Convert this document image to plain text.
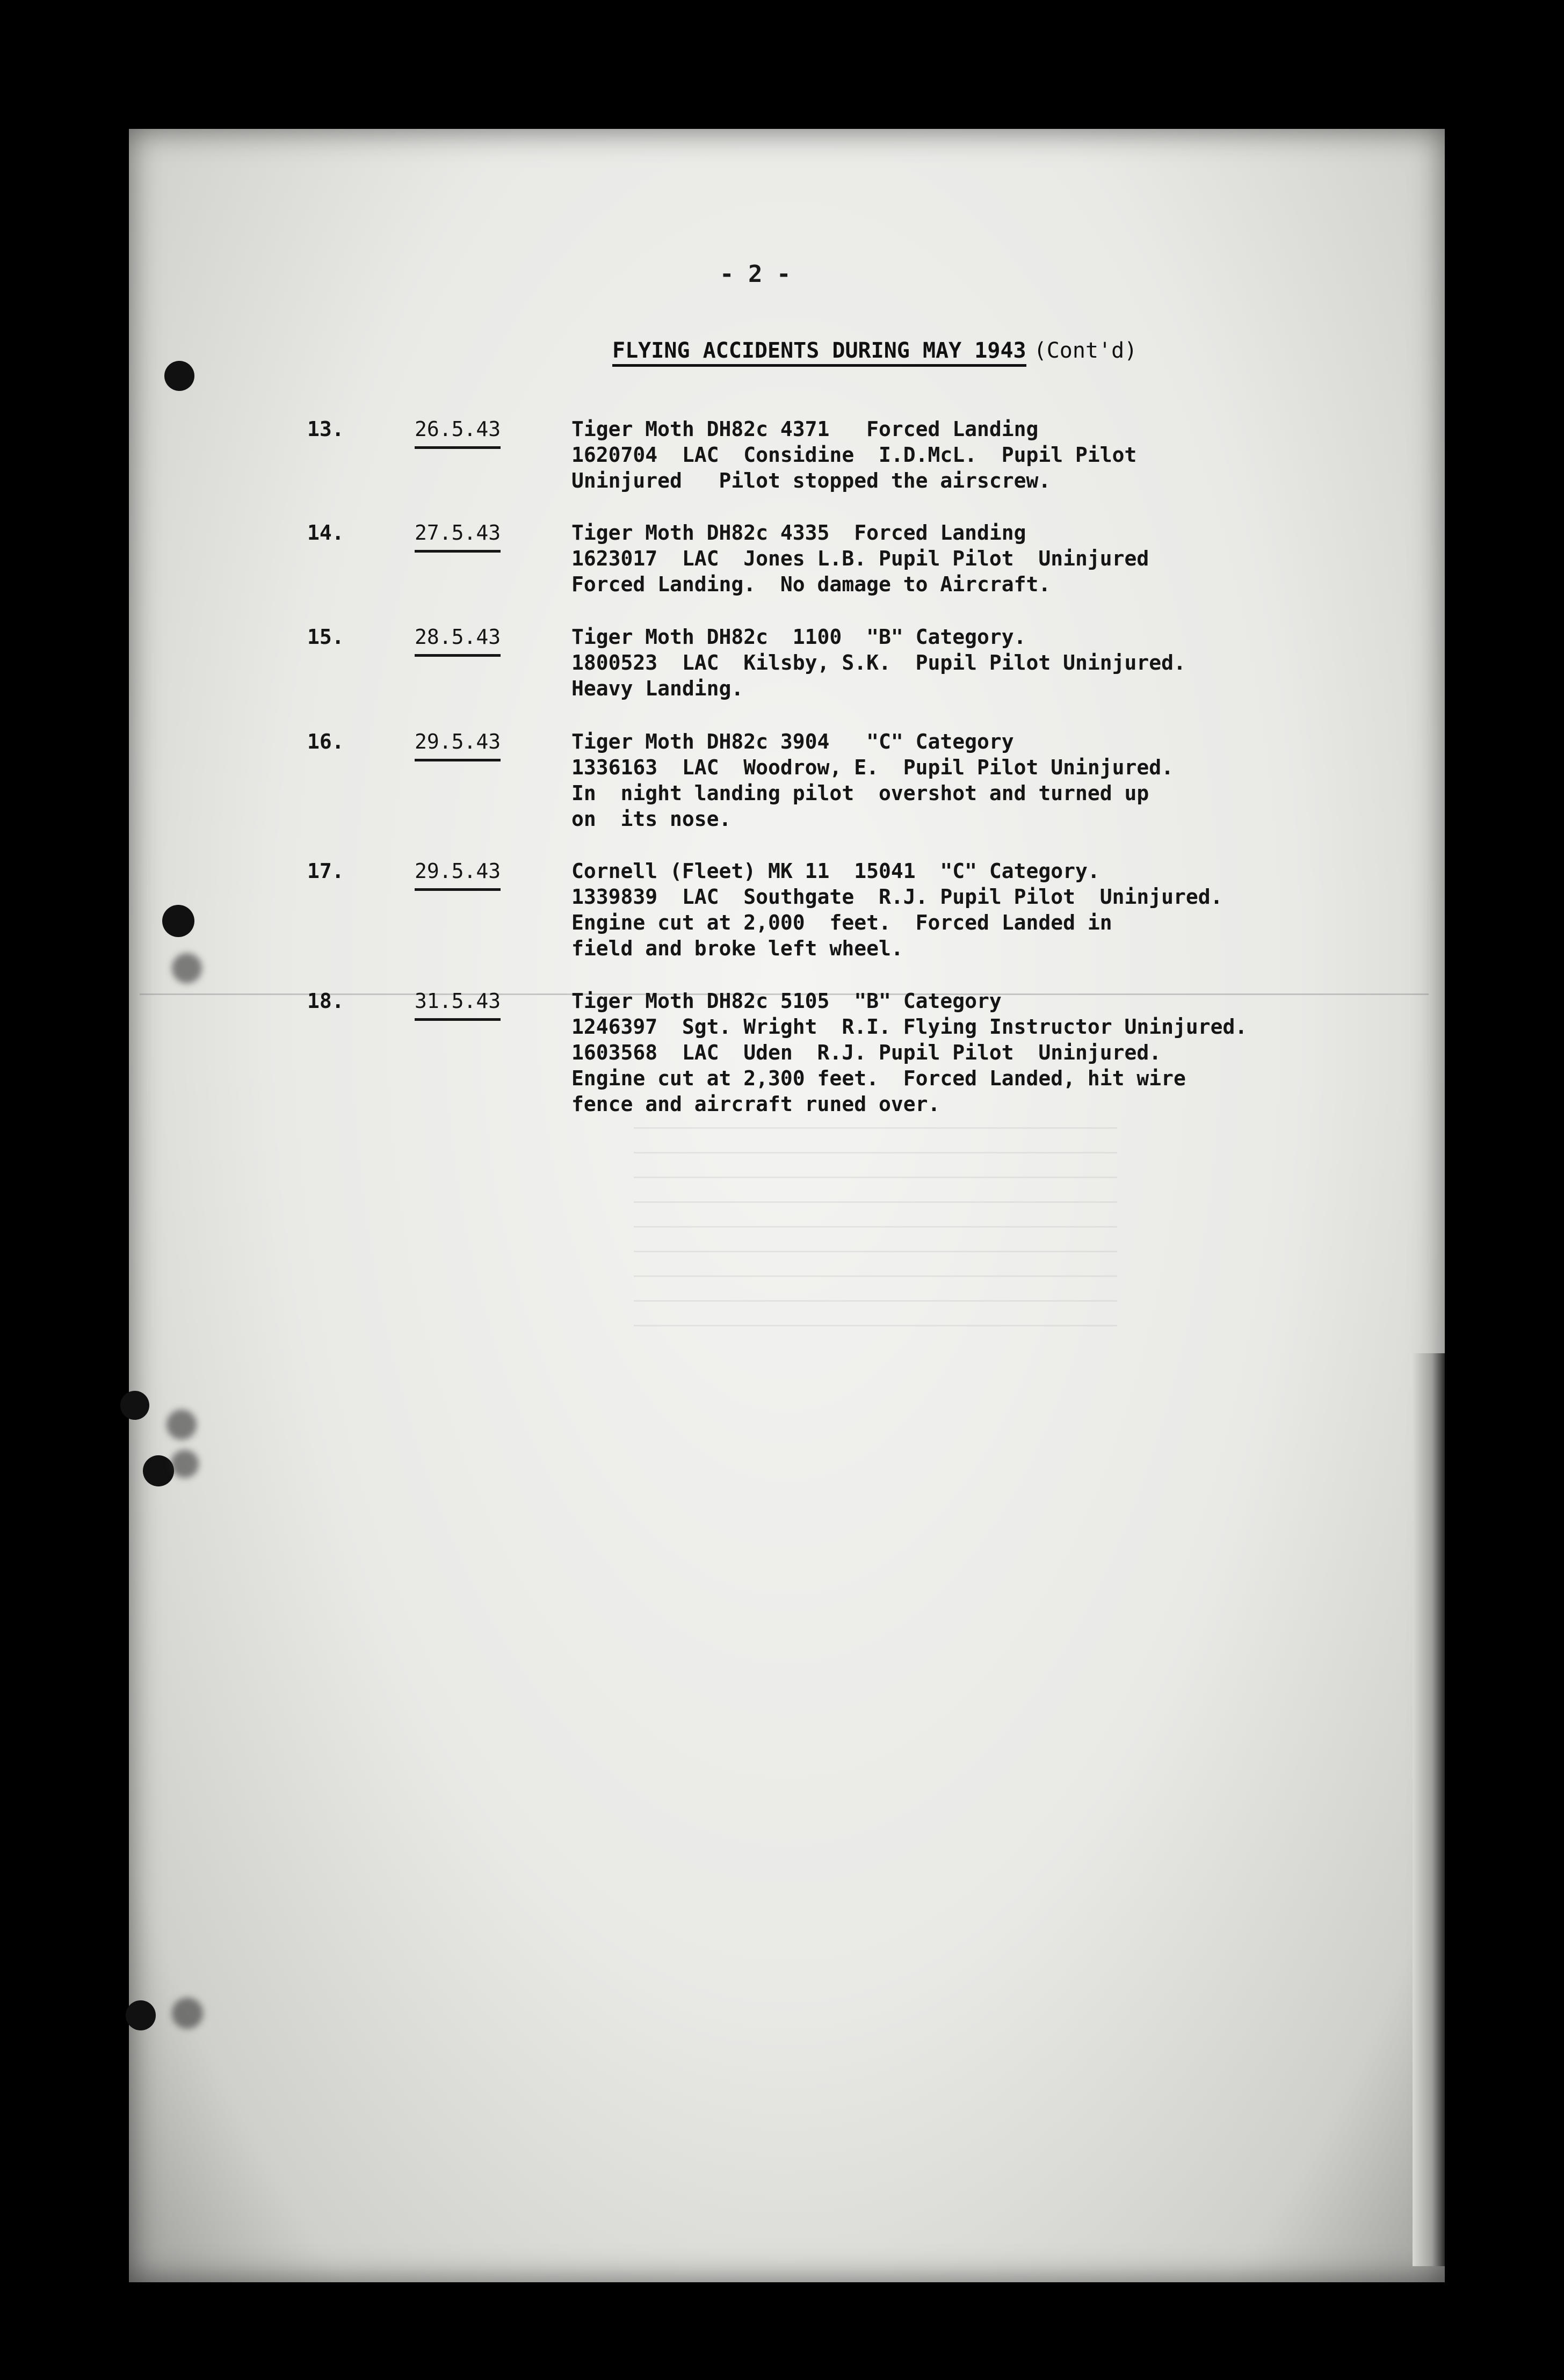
- 2 -
FLYING ACCIDENTS DURING MAY 1943 (Cont'd)
13.	26.5.43	Tiger Moth DH82c 4371   Forced Landing
1620704  LAC  Considine  I.D.McL.  Pupil Pilot
Uninjured   Pilot stopped the airscrew.
14.	27.5.43	Tiger Moth DH82c 4335  Forced Landing
1623017  LAC  Jones L.B. Pupil Pilot  Uninjured
Forced Landing.  No damage to Aircraft.
15.	28.5.43	Tiger Moth DH82c  1100  "B" Category.
1800523  LAC  Kilsby, S.K.  Pupil Pilot Uninjured.
Heavy Landing.
16.	29.5.43	Tiger Moth DH82c 3904   "C" Category
1336163  LAC  Woodrow, E.  Pupil Pilot Uninjured.
In  night landing pilot  overshot and turned up
on  its nose.
17.	29.5.43	Cornell (Fleet) MK 11  15041  "C" Category.
1339839  LAC  Southgate  R.J. Pupil Pilot  Uninjured.
Engine cut at 2,000  feet.  Forced Landed in
field and broke left wheel.
18.	31.5.43	Tiger Moth DH82c 5105  "B" Category
1246397  Sgt. Wright  R.I. Flying Instructor Uninjured.
1603568  LAC  Uden  R.J. Pupil Pilot  Uninjured.
Engine cut at 2,300 feet.  Forced Landed, hit wire
fence and aircraft runed over.
